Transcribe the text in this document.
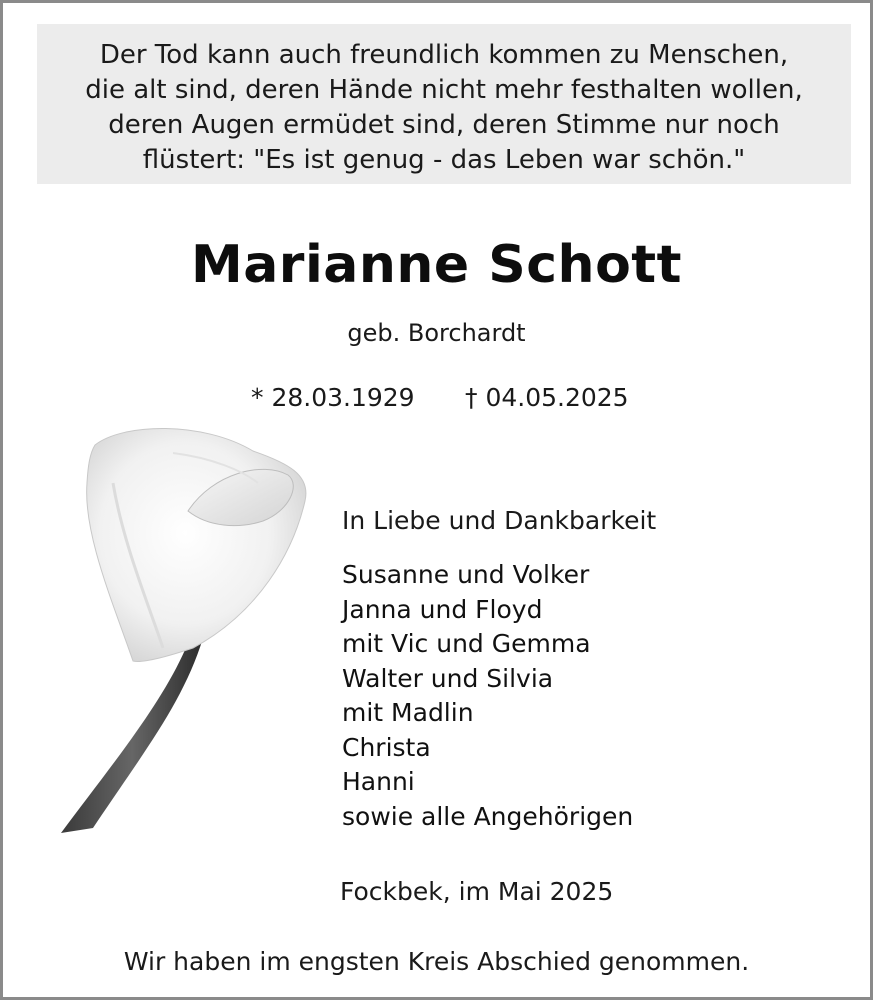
Der Tod kann auch freundlich kommen zu Menschen,
die alt sind, deren Hände nicht mehr festhalten wollen,
deren Augen ermüdet sind, deren Stimme nur noch
flüstert: "Es ist genug - das Leben war schön."
Marianne Schott
geb. Borchardt
* 28.03.1929 † 04.05.2025
In Liebe und Dankbarkeit
Susanne und Volker
Janna und Floyd
mit Vic und Gemma
Walter und Silvia
mit Madlin
Christa
Hanni
sowie alle Angehörigen
Fockbek, im Mai 2025
Wir haben im engsten Kreis Abschied genommen.
